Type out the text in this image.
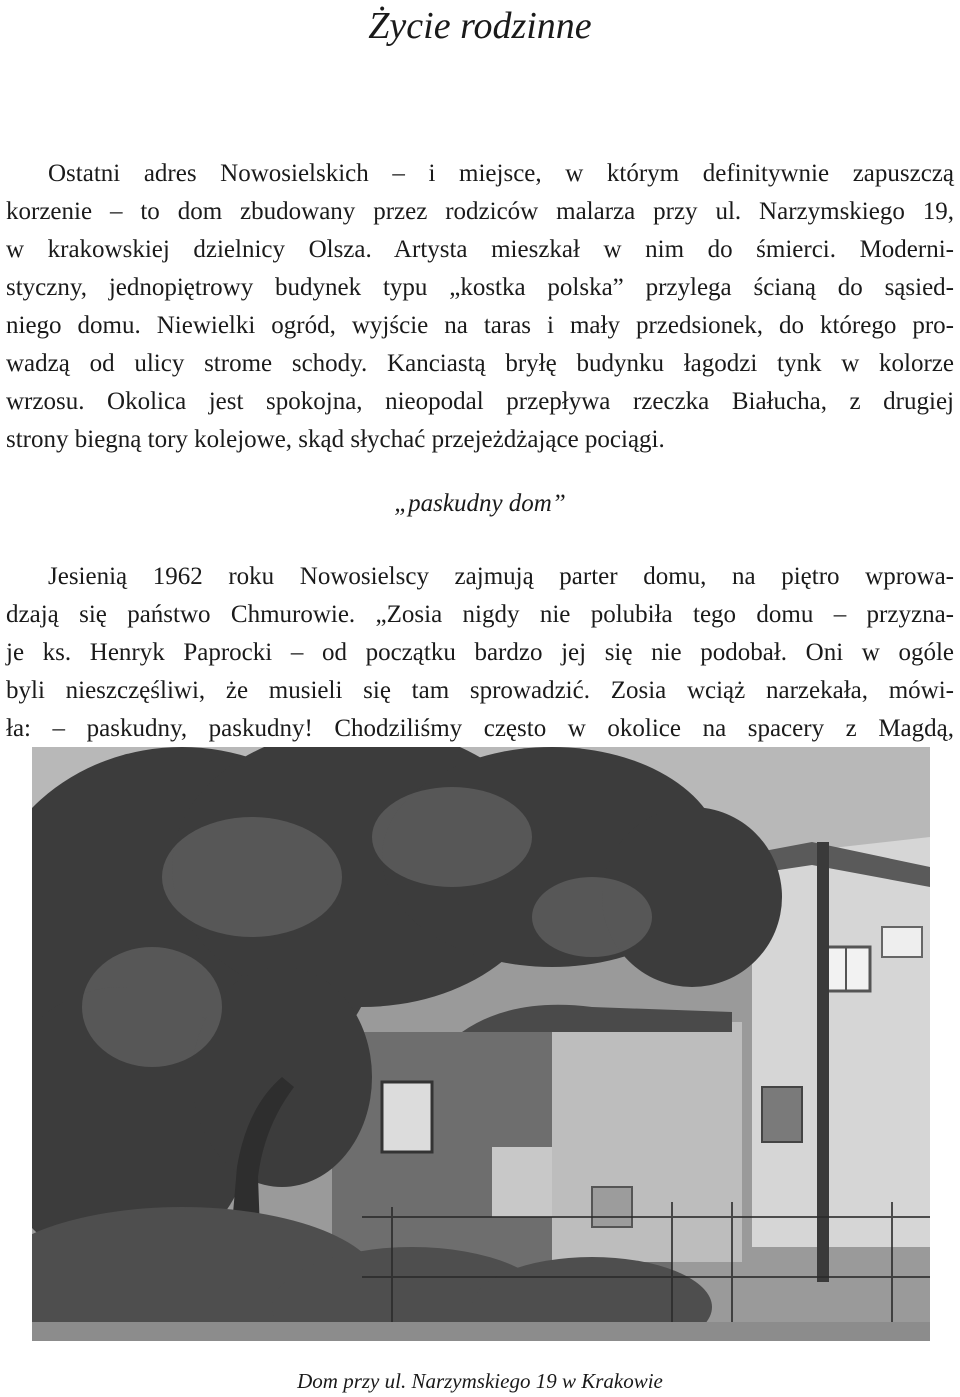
Życie rodzinne
Ostatni adres Nowosielskich – i miejsce, w którym definitywnie zapuszczą
korzenie – to dom zbudowany przez rodziców malarza przy ul. Narzymskiego 19,
w krakowskiej dzielnicy Olsza. Artysta mieszkał w nim do śmierci. Moderni-
styczny, jednopiętrowy budynek typu „kostka polska” przylega ścianą do sąsied-
niego domu. Niewielki ogród, wyjście na taras i mały przedsionek, do którego pro-
wadzą od ulicy strome schody. Kanciastą bryłę budynku łagodzi tynk w kolorze
wrzosu. Okolica jest spokojna, nieopodal przepływa rzeczka Białucha, z drugiej
strony biegną tory kolejowe, skąd słychać przejeżdżające pociągi.

„paskudny dom”

Jesienią 1962 roku Nowosielscy zajmują parter domu, na piętro wprowa-
dzają się państwo Chmurowie. „Zosia nigdy nie polubiła tego domu – przyzna-
je ks. Henryk Paprocki – od początku bardzo jej się nie podobał. Oni w ogóle
byli nieszczęśliwi, że musieli się tam sprowadzić. Zosia wciąż narzekała, mówi-
ła: – paskudny, paskudny! Chodziliśmy często w okolice na spacery z Magdą,

Dom przy ul. Narzymskiego 19 w Krakowie
